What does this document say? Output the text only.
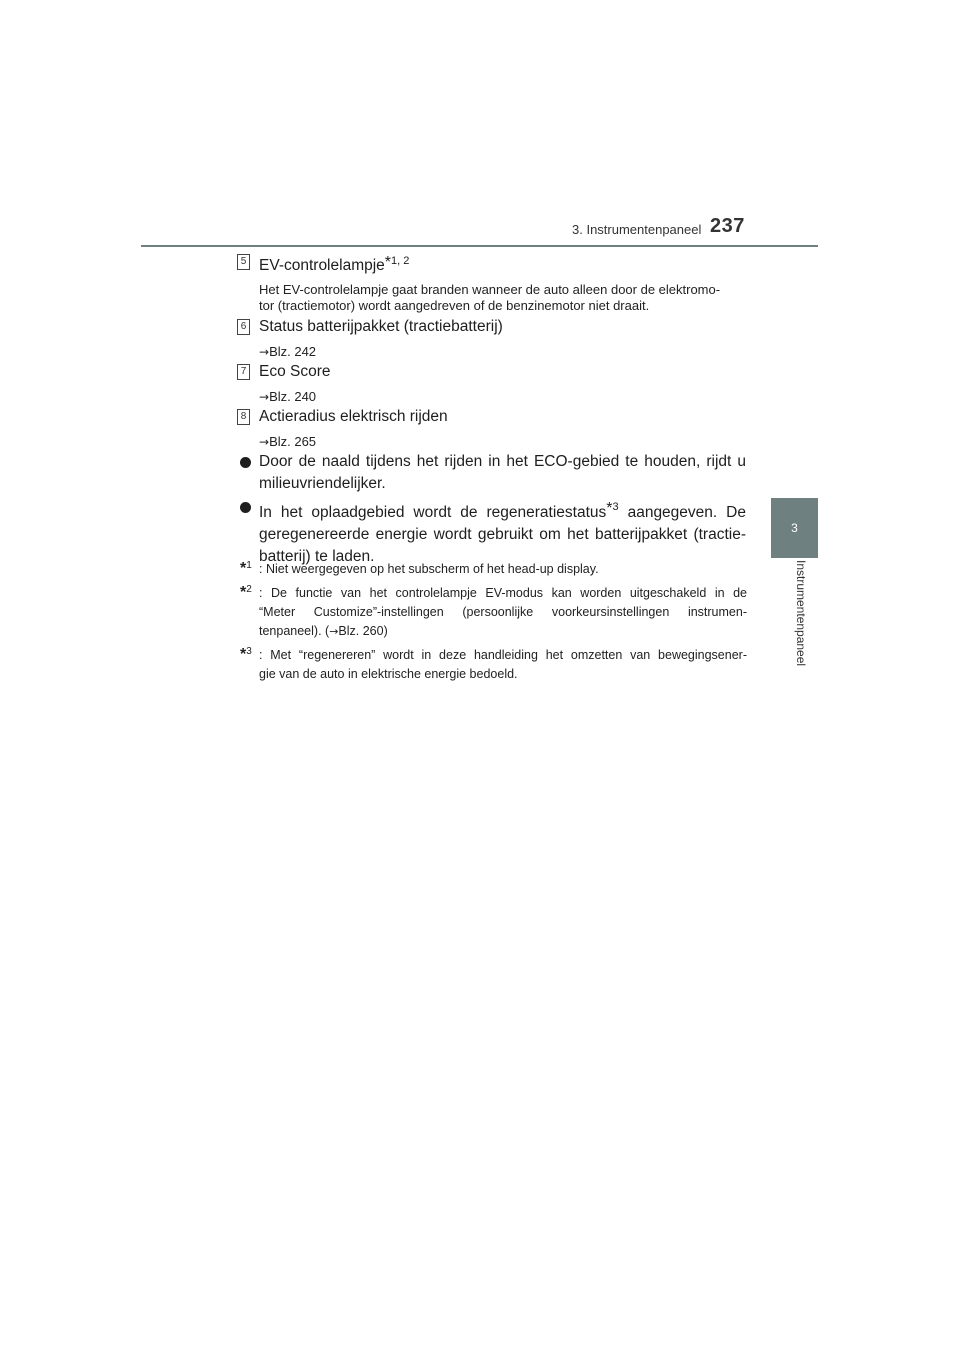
3. Instrumentenpaneel 237
3
Instrumentenpaneel
5 EV-controlelampje*$^{1, 2}$
Het EV-controlelampje gaat branden wanneer de auto alleen door de elektromo-
tor (tractiemotor) wordt aangedreven of de benzinemotor niet draait.
6 Status batterijpakket (tractiebatterij)
→Blz. 242
7 Eco Score
→Blz. 240
8 Actieradius elektrisch rijden
→Blz. 265
Door de naald tijdens het rijden in het ECO-gebied te houden, rijdt u
milieuvriendelijker.
In het oplaadgebied wordt de regeneratiestatus*$^3$ aangegeven. De
geregenereerde energie wordt gebruikt om het batterijpakket (tractie-
batterij) te laden.
*$^1$ : Niet weergegeven op het subscherm of het head-up display.
*$^2$ : De functie van het controlelampje EV-modus kan worden uitgeschakeld in de
“Meter Customize”-instellingen (persoonlijke voorkeursinstellingen instrumen-
tenpaneel). (→Blz. 260)
*$^3$ : Met “regenereren” wordt in deze handleiding het omzetten van bewegingsener-
gie van de auto in elektrische energie bedoeld.
